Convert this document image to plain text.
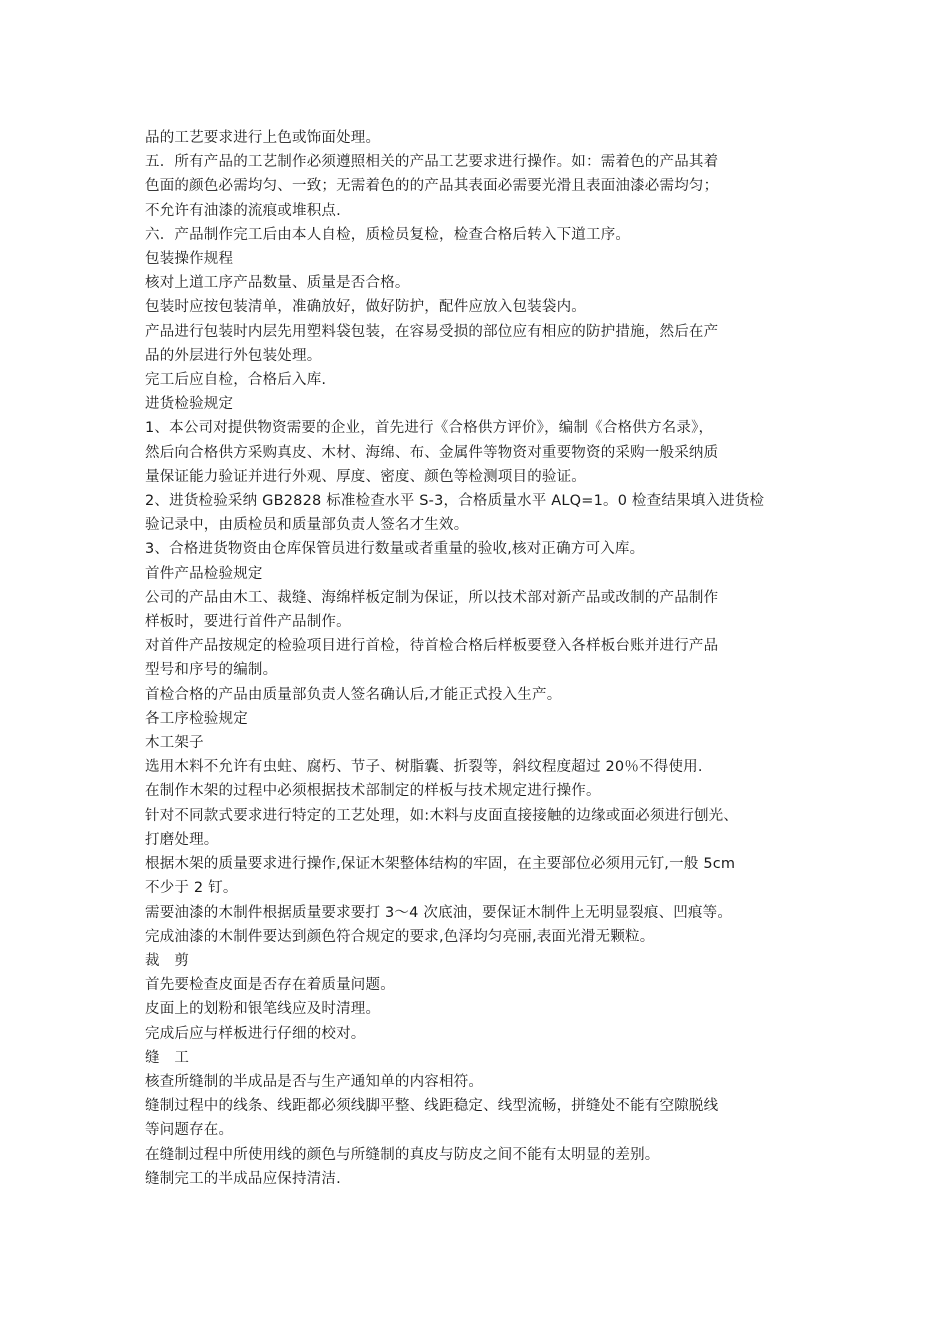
品的工艺要求进行上色或饰面处理。
五．所有产品的工艺制作必须遵照相关的产品工艺要求进行操作。如：需着色的产品其着
色面的颜色必需均匀、一致；无需着色的的产品其表面必需要光滑且表面油漆必需均匀；
不允许有油漆的流痕或堆积点.
六．产品制作完工后由本人自检，质检员复检，检查合格后转入下道工序。
包装操作规程
核对上道工序产品数量、质量是否合格。
包装时应按包装清单，准确放好，做好防护，配件应放入包装袋内。
产品进行包装时内层先用塑料袋包装，在容易受损的部位应有相应的防护措施，然后在产
品的外层进行外包装处理。
完工后应自检，合格后入库.
进货检验规定
1、本公司对提供物资需要的企业，首先进行《合格供方评价》，编制《合格供方名录》，
然后向合格供方采购真皮、木材、海绵、布、金属件等物资对重要物资的采购一般采纳质
量保证能力验证并进行外观、厚度、密度、颜色等检测项目的验证。
2、进货检验采纳 GB2828 标准检查水平 S-3，合格质量水平 ALQ=1。0 检查结果填入进货检
验记录中，由质检员和质量部负责人签名才生效。
3、合格进货物资由仓库保管员进行数量或者重量的验收,核对正确方可入库。
首件产品检验规定
公司的产品由木工、裁缝、海绵样板定制为保证，所以技术部对新产品或改制的产品制作
样板时，要进行首件产品制作。
对首件产品按规定的检验项目进行首检，待首检合格后样板要登入各样板台账并进行产品
型号和序号的编制。
首检合格的产品由质量部负责人签名确认后,才能正式投入生产。
各工序检验规定
木工架子
选用木料不允许有虫蛀、腐朽、节子、树脂囊、折裂等，斜纹程度超过 20％不得使用.
在制作木架的过程中必须根据技术部制定的样板与技术规定进行操作。
针对不同款式要求进行特定的工艺处理，如:木料与皮面直接接触的边缘或面必须进行刨光、
打磨处理。
根据木架的质量要求进行操作,保证木架整体结构的牢固，在主要部位必须用元钉,一般 5cm
不少于 2 钉。
需要油漆的木制件根据质量要求要打 3～4 次底油，要保证木制件上无明显裂痕、凹痕等。
完成油漆的木制件要达到颜色符合规定的要求,色泽均匀亮丽,表面光滑无颗粒。
裁　剪
首先要检查皮面是否存在着质量问题。
皮面上的划粉和银笔线应及时清理。
完成后应与样板进行仔细的校对。
缝　工
核查所缝制的半成品是否与生产通知单的内容相符。
缝制过程中的线条、线距都必须线脚平整、线距稳定、线型流畅，拼缝处不能有空隙脱线
等问题存在。
在缝制过程中所使用线的颜色与所缝制的真皮与防皮之间不能有太明显的差别。
缝制完工的半成品应保持清洁.
